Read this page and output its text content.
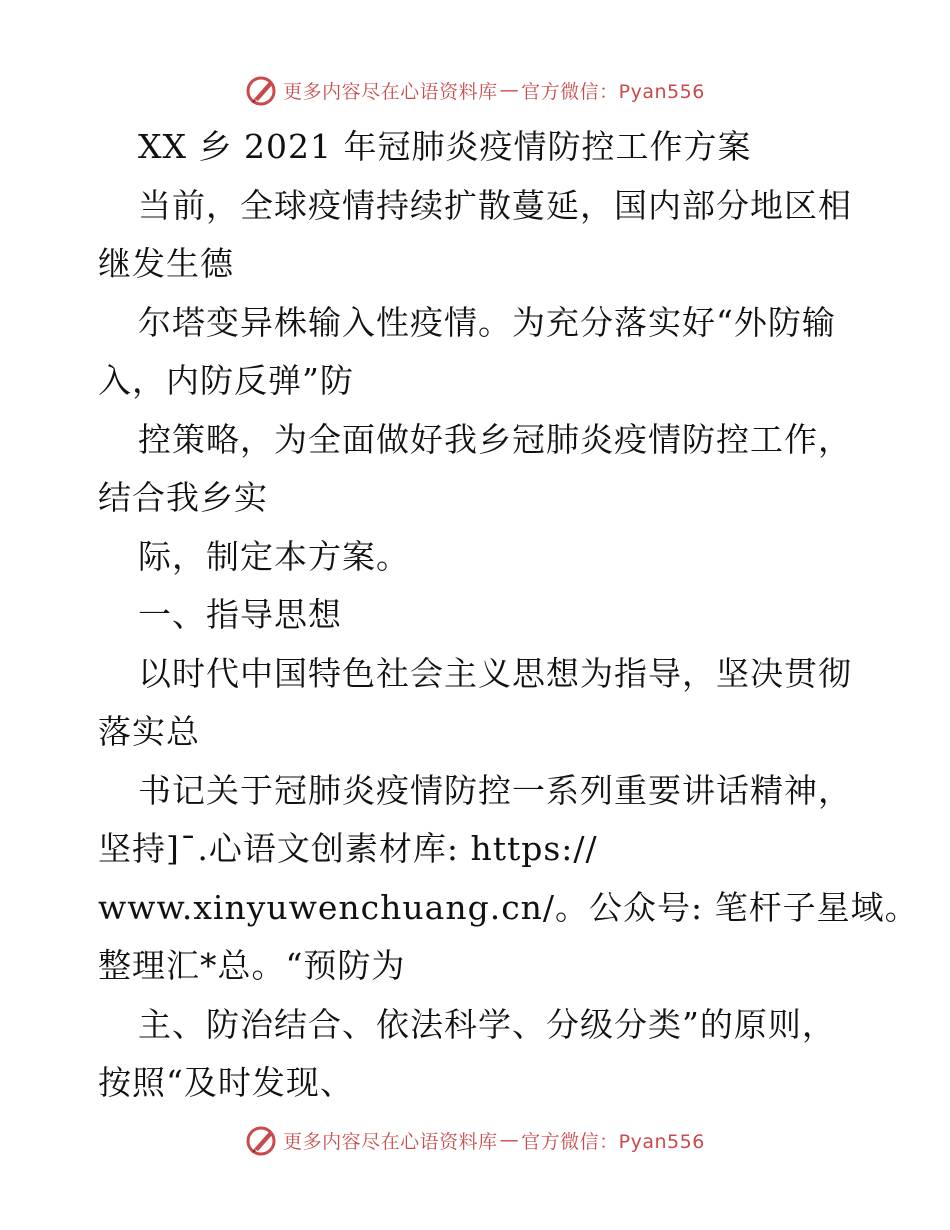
更多内容尽在心语资料库 — 官方微信：Pyan556
XX 乡 2021 年冠肺炎疫情防控工作方案
当前，全球疫情持续扩散蔓延，国内部分地区相
继发生德
尔塔变异株输入性疫情。为充分落实好“外防输
入，内防反弹”防
控策略，为全面做好我乡冠肺炎疫情防控工作，
结合我乡实
际，制定本方案。
一、指导思想
以时代中国特色社会主义思想为指导，坚决贯彻
落实总
书记关于冠肺炎疫情防控一系列重要讲话精神，
坚持]¯.心语文创素材库: https://
www.xinyuwenchuang.cn/。公众号: 笔杆子星域。
整理汇*总。“预防为
主、防治结合、依法科学、分级分类”的原则，
按照“及时发现、
更多内容尽在心语资料库 — 官方微信：Pyan556
